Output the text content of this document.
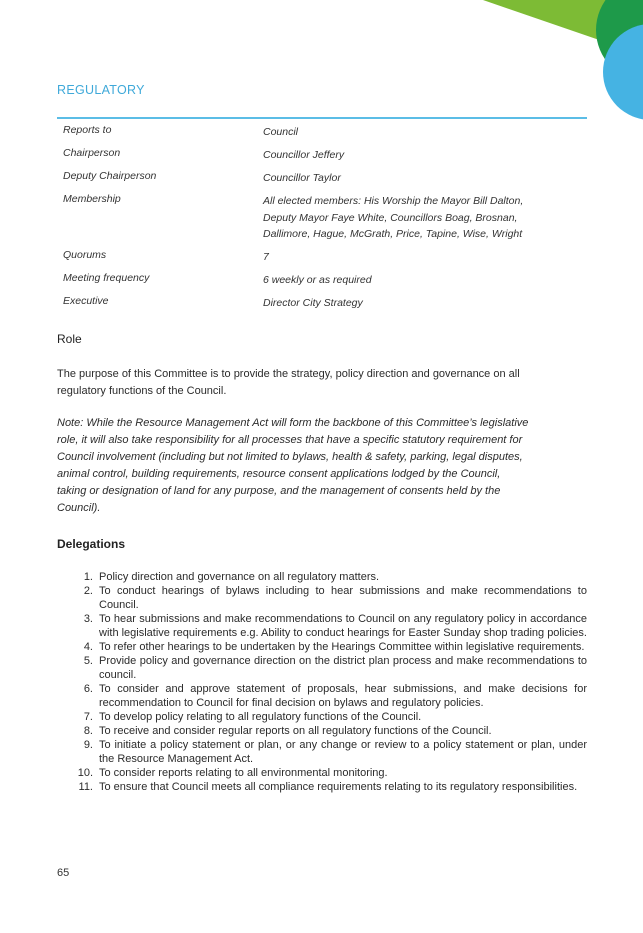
REGULATORY
Reports to	Council
Chairperson	Councillor Jeffery
Deputy Chairperson	Councillor Taylor
Membership	All elected members: His Worship the Mayor Bill Dalton,
Deputy Mayor Faye White, Councillors Boag, Brosnan,
Dallimore, Hague, McGrath, Price, Tapine, Wise, Wright
Quorums	7
Meeting frequency	6 weekly or as required
Executive	Director City Strategy
Role
The purpose of this Committee is to provide the strategy, policy direction and governance on all
regulatory functions of the Council.
Note: While the Resource Management Act will form the backbone of this Committee’s legislative
role, it will also take responsibility for all processes that have a specific statutory requirement for
Council involvement (including but not limited to bylaws, health & safety, parking, legal disputes,
animal control, building requirements, resource consent applications lodged by the Council,
taking or designation of land for any purpose, and the management of consents held by the
Council).
Delegations
1. Policy direction and governance on all regulatory matters.
2. To conduct hearings of bylaws including to hear submissions and make recommendations to Council.
3. To hear submissions and make recommendations to Council on any regulatory policy in accordance with legislative requirements e.g. Ability to conduct hearings for Easter Sunday shop trading policies.
4. To refer other hearings to be undertaken by the Hearings Committee within legislative requirements.
5. Provide policy and governance direction on the district plan process and make recommendations to council.
6. To consider and approve statement of proposals, hear submissions, and make decisions for recommendation to Council for final decision on bylaws and regulatory policies.
7. To develop policy relating to all regulatory functions of the Council.
8. To receive and consider regular reports on all regulatory functions of the Council.
9. To initiate a policy statement or plan, or any change or review to a policy statement or plan, under the Resource Management Act.
10. To consider reports relating to all environmental monitoring.
11. To ensure that Council meets all compliance requirements relating to its regulatory responsibilities.
65
